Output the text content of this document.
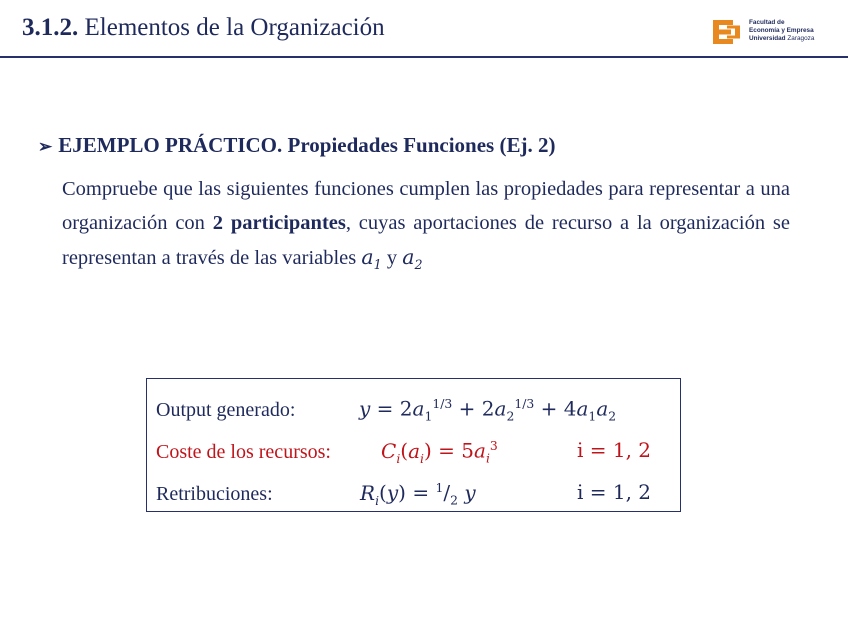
3.1.2. Elementos de la Organización	Facultad de
Economía y Empresa
Universidad Zaragoza
➢ EJEMPLO PRÁCTICO. Propiedades Funciones (Ej. 2)
Compruebe que las siguientes funciones cumplen las propiedades para representar a una organización con 2 participantes, cuyas aportaciones de recurso a la organización se representan a través de las variables $a_1$ y $a_2$
Output generado:	$y = 2a_1^{1/3} + 2a_2^{1/3} + 4a_1a_2$
Coste de los recursos:	$C_i(a_i) = 5a_i^3$	i = 1, 2
Retribuciones:	$R_i(y) = ^1/_2$ y	i = 1, 2
